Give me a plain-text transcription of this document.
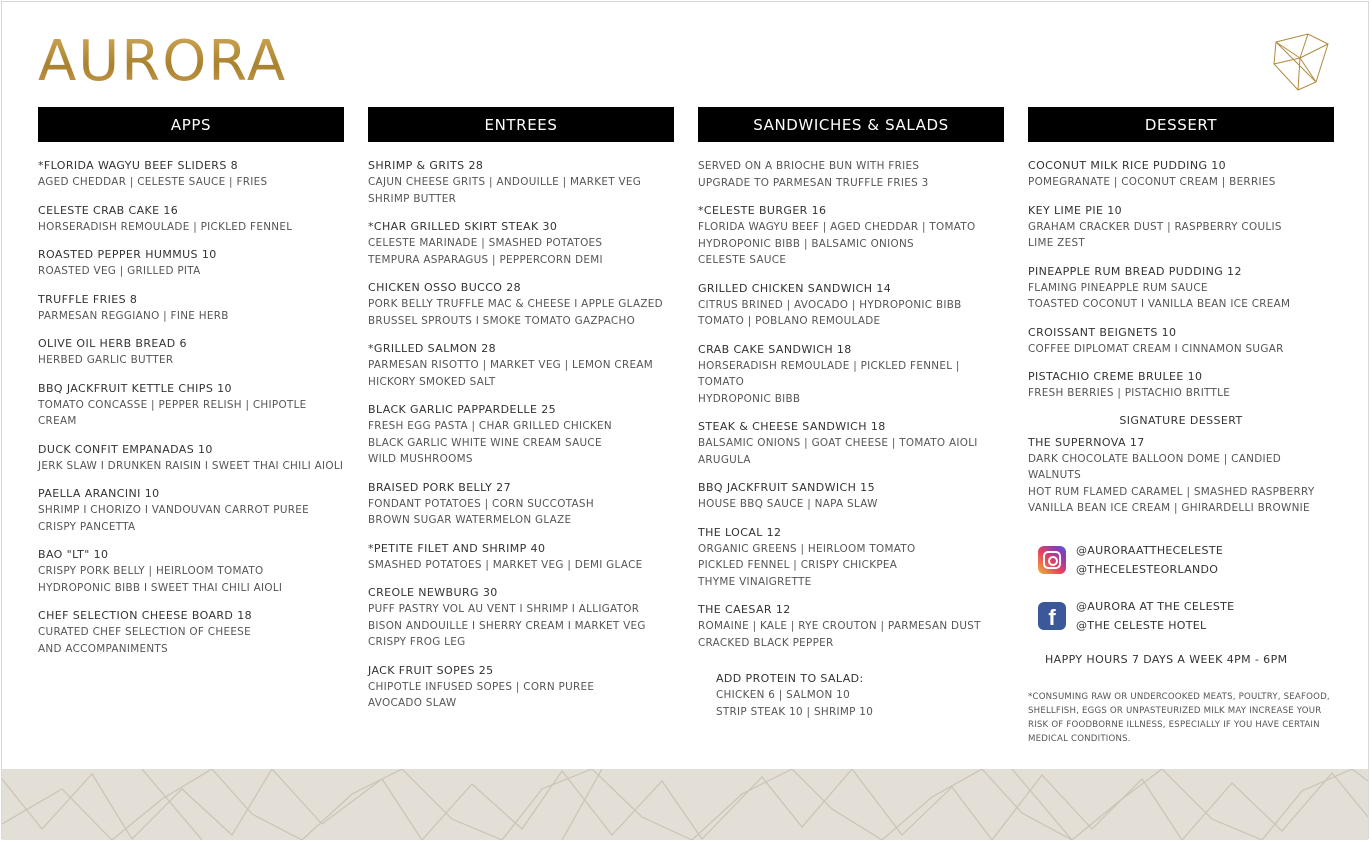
AURORA
APPS
*FLORIDA WAGYU BEEF SLIDERS 8
AGED CHEDDAR | CELESTE SAUCE | FRIES
CELESTE CRAB CAKE 16
HORSERADISH REMOULADE | PICKLED FENNEL
ROASTED PEPPER HUMMUS 10
ROASTED VEG | GRILLED PITA
TRUFFLE FRIES 8
PARMESAN REGGIANO | FINE HERB
OLIVE OIL HERB BREAD 6
HERBED GARLIC BUTTER
BBQ JACKFRUIT KETTLE CHIPS 10
TOMATO CONCASSE | PEPPER RELISH | CHIPOTLE CREAM
DUCK CONFIT EMPANADAS 10
JERK SLAW I DRUNKEN RAISIN I SWEET THAI CHILI AIOLI
PAELLA ARANCINI 10
SHRIMP I CHORIZO I VANDOUVAN CARROT PUREE
CRISPY PANCETTA
BAO "LT" 10
CRISPY PORK BELLY | HEIRLOOM TOMATO
HYDROPONIC BIBB I SWEET THAI CHILI AIOLI
CHEF SELECTION CHEESE BOARD 18
CURATED CHEF SELECTION OF CHEESE
AND ACCOMPANIMENTS
ENTREES
SHRIMP & GRITS 28
CAJUN CHEESE GRITS | ANDOUILLE | MARKET VEG
SHRIMP BUTTER
*CHAR GRILLED SKIRT STEAK 30
CELESTE MARINADE | SMASHED POTATOES
TEMPURA ASPARAGUS | PEPPERCORN DEMI
CHICKEN OSSO BUCCO 28
PORK BELLY TRUFFLE MAC & CHEESE I APPLE GLAZED
BRUSSEL SPROUTS I SMOKE TOMATO GAZPACHO
*GRILLED SALMON 28
PARMESAN RISOTTO | MARKET VEG | LEMON CREAM
HICKORY SMOKED SALT
BLACK GARLIC PAPPARDELLE 25
FRESH EGG PASTA | CHAR GRILLED CHICKEN
BLACK GARLIC WHITE WINE CREAM SAUCE
WILD MUSHROOMS
BRAISED PORK BELLY 27
FONDANT POTATOES | CORN SUCCOTASH
BROWN SUGAR WATERMELON GLAZE
*PETITE FILET AND SHRIMP 40
SMASHED POTATOES | MARKET VEG | DEMI GLACE
CREOLE NEWBURG 30
PUFF PASTRY VOL AU VENT I SHRIMP I ALLIGATOR
BISON ANDOUILLE I SHERRY CREAM I MARKET VEG
CRISPY FROG LEG
JACK FRUIT SOPES 25
CHIPOTLE INFUSED SOPES | CORN PUREE
AVOCADO SLAW
SANDWICHES & SALADS
SERVED ON A BRIOCHE BUN WITH FRIES
UPGRADE TO PARMESAN TRUFFLE FRIES 3
*CELESTE BURGER 16
FLORIDA WAGYU BEEF | AGED CHEDDAR | TOMATO
HYDROPONIC BIBB | BALSAMIC ONIONS
CELESTE SAUCE
GRILLED CHICKEN SANDWICH 14
CITRUS BRINED | AVOCADO | HYDROPONIC BIBB
TOMATO | POBLANO REMOULADE
CRAB CAKE SANDWICH 18
HORSERADISH REMOULADE | PICKLED FENNEL | TOMATO
HYDROPONIC BIBB
STEAK & CHEESE SANDWICH 18
BALSAMIC ONIONS | GOAT CHEESE | TOMATO AIOLI
ARUGULA
BBQ JACKFRUIT SANDWICH 15
HOUSE BBQ SAUCE | NAPA SLAW
THE LOCAL 12
ORGANIC GREENS | HEIRLOOM TOMATO
PICKLED FENNEL | CRISPY CHICKPEA
THYME VINAIGRETTE
THE CAESAR 12
ROMAINE | KALE | RYE CROUTON | PARMESAN DUST
CRACKED BLACK PEPPER
ADD PROTEIN TO SALAD:
CHICKEN 6 | SALMON 10
STRIP STEAK 10 | SHRIMP 10
DESSERT
COCONUT MILK RICE PUDDING 10
POMEGRANATE | COCONUT CREAM | BERRIES
KEY LIME PIE 10
GRAHAM CRACKER DUST | RASPBERRY COULIS
LIME ZEST
PINEAPPLE RUM BREAD PUDDING 12
FLAMING PINEAPPLE RUM SAUCE
TOASTED COCONUT I VANILLA BEAN ICE CREAM
CROISSANT BEIGNETS 10
COFFEE DIPLOMAT CREAM I CINNAMON SUGAR
PISTACHIO CREME BRULEE 10
FRESH BERRIES | PISTACHIO BRITTLE
SIGNATURE DESSERT
THE SUPERNOVA 17
DARK CHOCOLATE BALLOON DOME | CANDIED WALNUTS
HOT RUM FLAMED CARAMEL | SMASHED RASPBERRY
VANILLA BEAN ICE CREAM | GHIRARDELLI BROWNIE
@AURORAATTHECELESTE
@THECELESTEORLANDO
f	@AURORA AT THE CELESTE
@THE CELESTE HOTEL
HAPPY HOURS 7 DAYS A WEEK 4PM - 6PM
*CONSUMING RAW OR UNDERCOOKED MEATS, POULTRY, SEAFOOD, SHELLFISH, EGGS OR UNPASTEURIZED MILK MAY INCREASE YOUR RISK OF FOODBORNE ILLNESS, ESPECIALLY IF YOU HAVE CERTAIN MEDICAL CONDITIONS.
